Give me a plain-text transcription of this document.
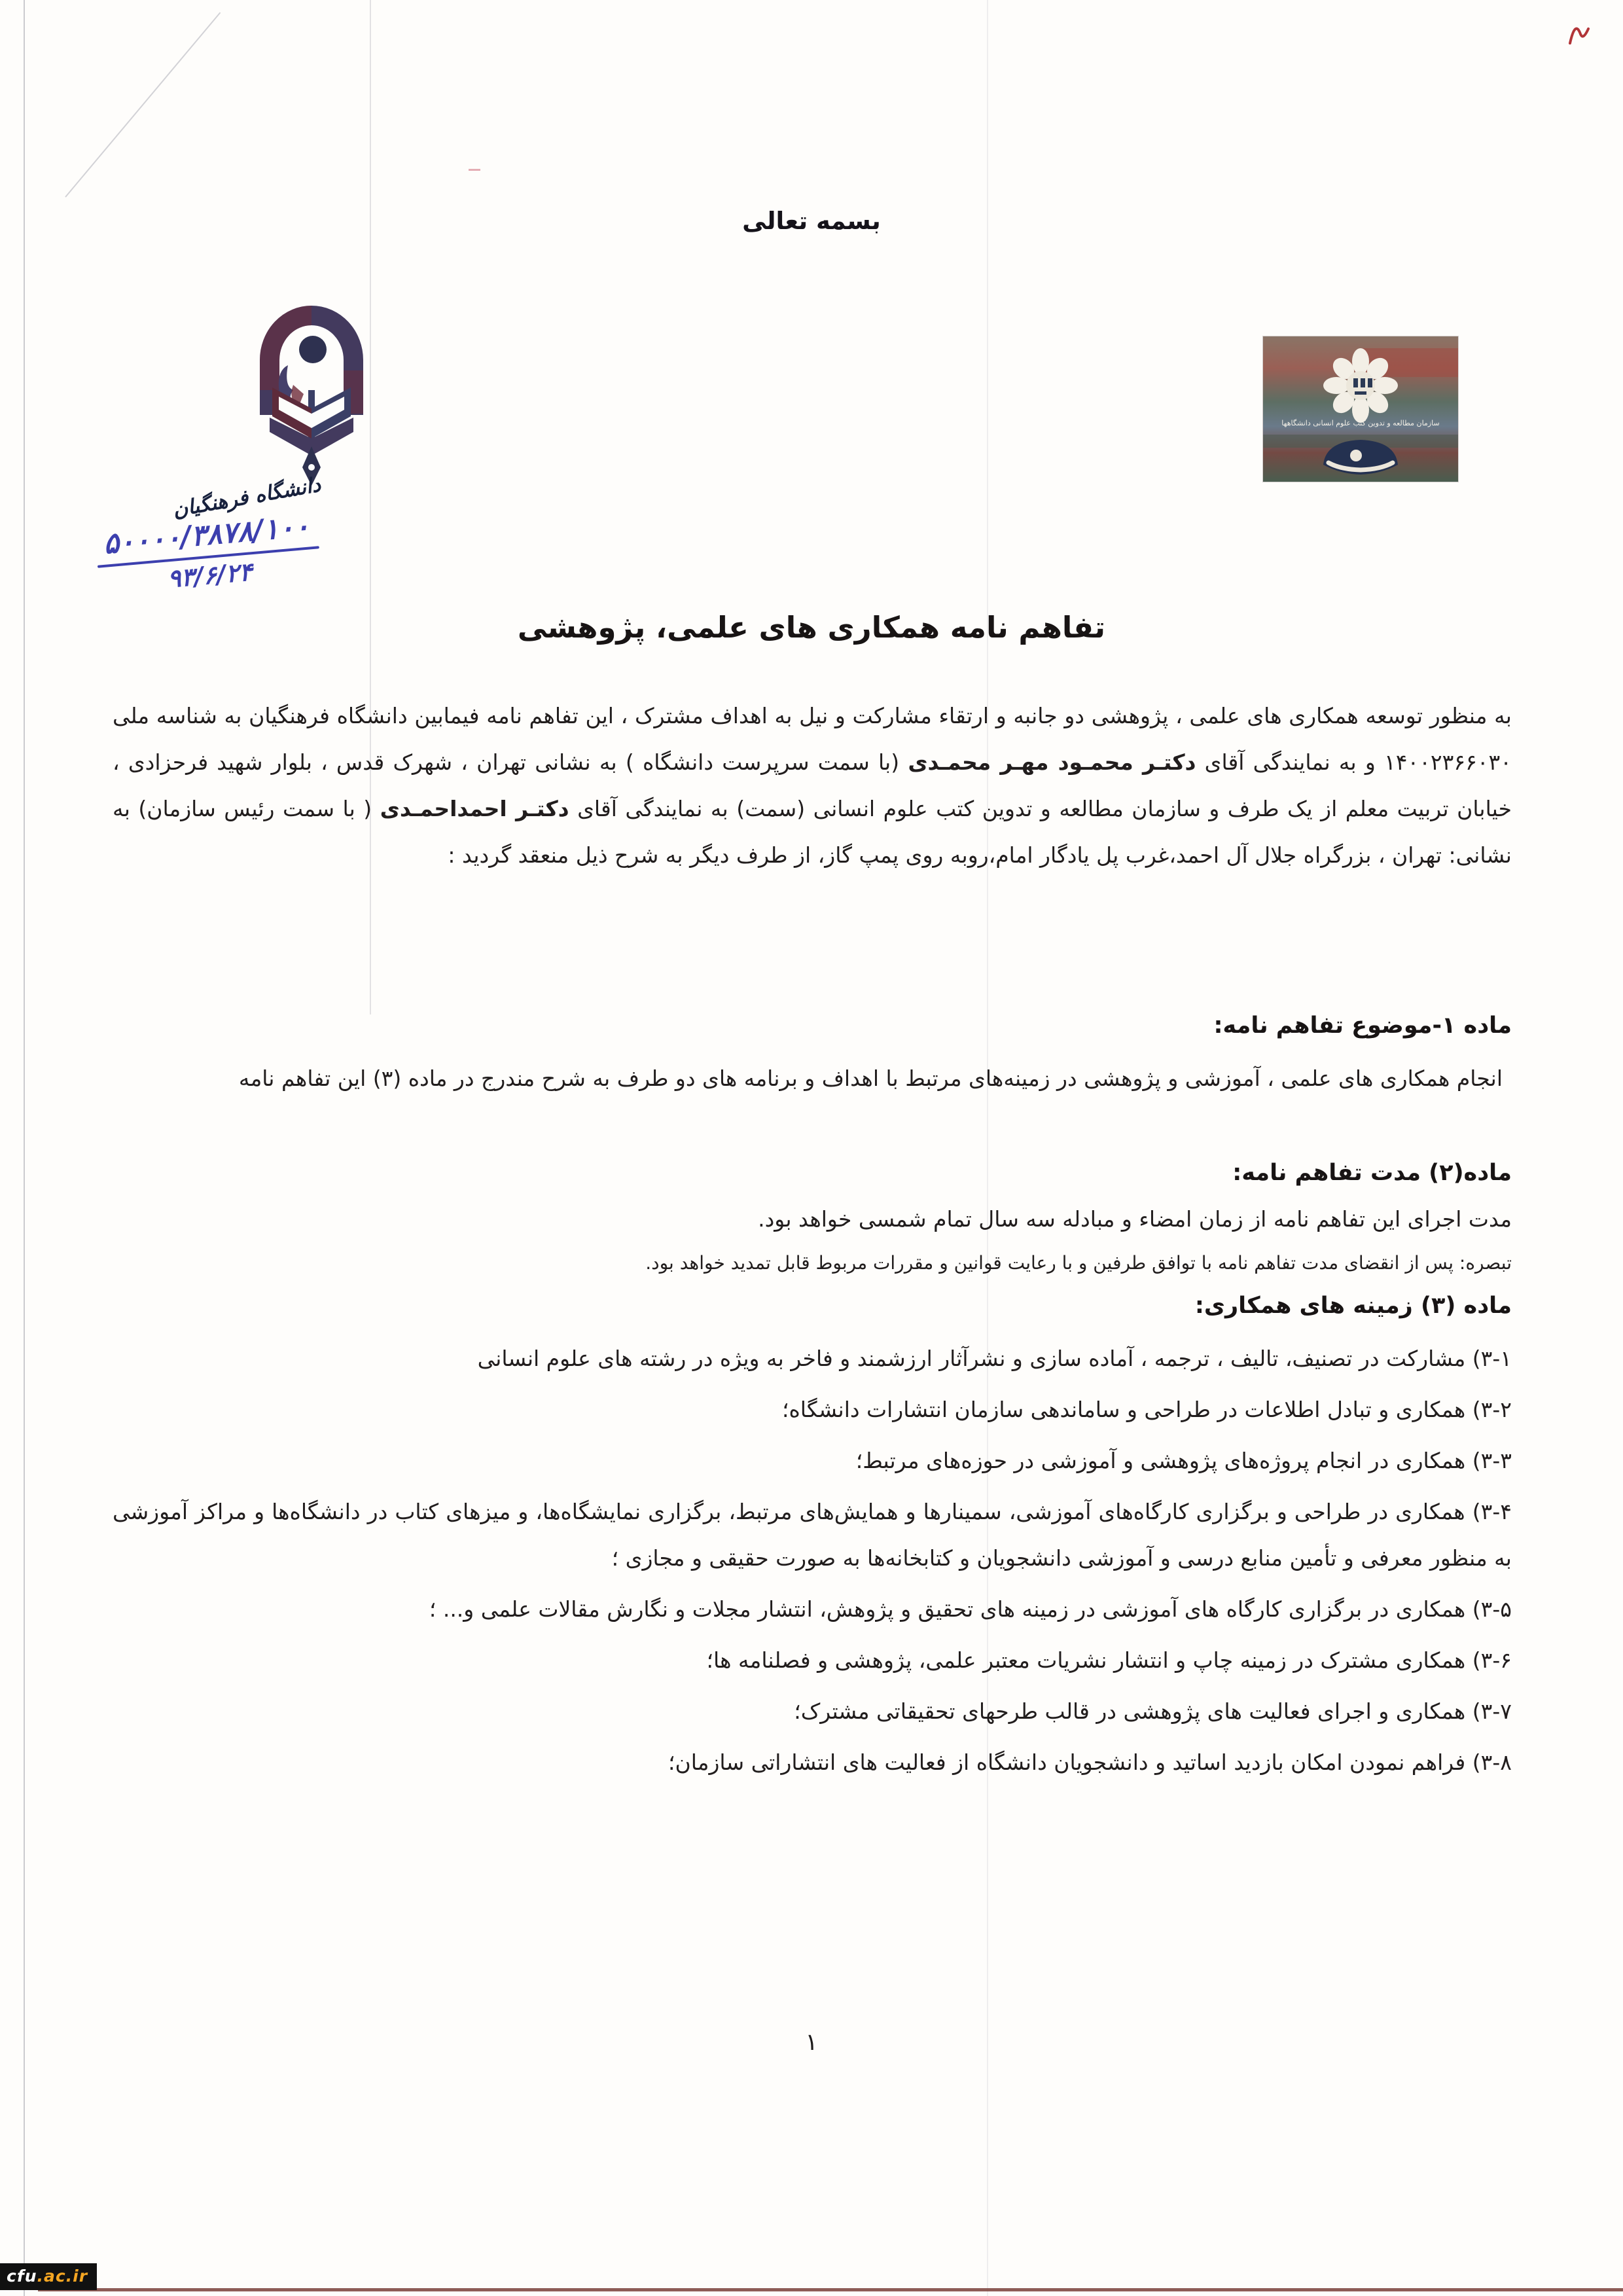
بسمه تعالی
دانشگاه فرهنگیان
سازمان مطالعه و تدوین کتب علوم انسانی دانشگاهها
۵۰۰۰۰/۳۸۷۸/۱۰۰
۹۳/۶/۲۴
تفاهم نامه همکاری های علمی، پژوهشی

به منظور توسعه همکاری های علمی ، پژوهشی دو جانبه و ارتقاء مشارکت و نیل به اهداف مشترک ، این تفاهم نامه فیمابین دانشگاه فرهنگیان به شناسه ملی ۱۴۰۰۲۳۶۶۰۳۰ و به نمایندگی آقای دکتـر محمـود مهـر محمـدی (با سمت سرپرست دانشگاه ) به نشانی تهران ، شهرک قدس ، بلوار شهید فرحزادی ، خیابان تربیت معلم از یک طرف و سازمان مطالعه و تدوین کتب علوم انسانی (سمت) به نمایندگی آقای دکتـر احمداحمـدی ( با سمت رئیس سازمان) به نشانی: تهران ، بزرگراه جلال آل احمد،غرب پل یادگار امام،روبه روی پمپ گاز، از طرف دیگر به شرح ذیل منعقد گردید :

ماده ۱-موضوع تفاهم نامه:

انجام همکاری های علمی ، آموزشی و پژوهشی در زمینه‌های مرتبط با اهداف و برنامه های دو طرف به شرح مندرج در ماده (۳) این تفاهم نامه

ماده(۲) مدت تفاهم نامه:

مدت اجرای این تفاهم نامه از زمان امضاء و مبادله سه سال تمام شمسی خواهد بود.

تبصره: پس از انقضای مدت تفاهم نامه با توافق طرفین و با رعایت قوانین و مقررات مربوط قابل تمدید خواهد بود.

ماده (۳) زمینه های همکاری:

۳-۱) مشارکت در تصنیف، تالیف ، ترجمه ، آماده سازی و نشرآثار ارزشمند و فاخر به ویژه در رشته های علوم انسانی

۳-۲) همکاری و تبادل اطلاعات در طراحی و ساماندهی سازمان انتشارات دانشگاه؛

۳-۳) همکاری در انجام پروژه‌های پژوهشی و آموزشی در حوزه‌های مرتبط؛

۳-۴) همکاری در طراحی و برگزاری کارگاه‌های آموزشی، سمینارها و همایش‌های مرتبط، برگزاری نمایشگاه‌ها، و میزهای کتاب در دانشگاه‌ها و مراکز آموزشی به منظور معرفی و تأمین منابع درسی و آموزشی دانشجویان و کتابخانه‌ها به صورت حقیقی و مجازی ؛

۳-۵) همکاری در برگزاری کارگاه های آموزشی در زمینه های تحقیق و پژوهش، انتشار مجلات و نگارش مقالات علمی و... ؛

۳-۶) همکاری مشترک در زمینه چاپ و انتشار نشریات معتبر علمی، پژوهشی و فصلنامه ها؛

۳-۷) همکاری و اجرای فعالیت های پژوهشی در قالب طرحهای تحقیقاتی مشترک؛

۳-۸) فراهم نمودن امکان بازدید اساتید و دانشجویان دانشگاه از فعالیت های انتشاراتی سازمان؛

۱
cfu.ac.ir
